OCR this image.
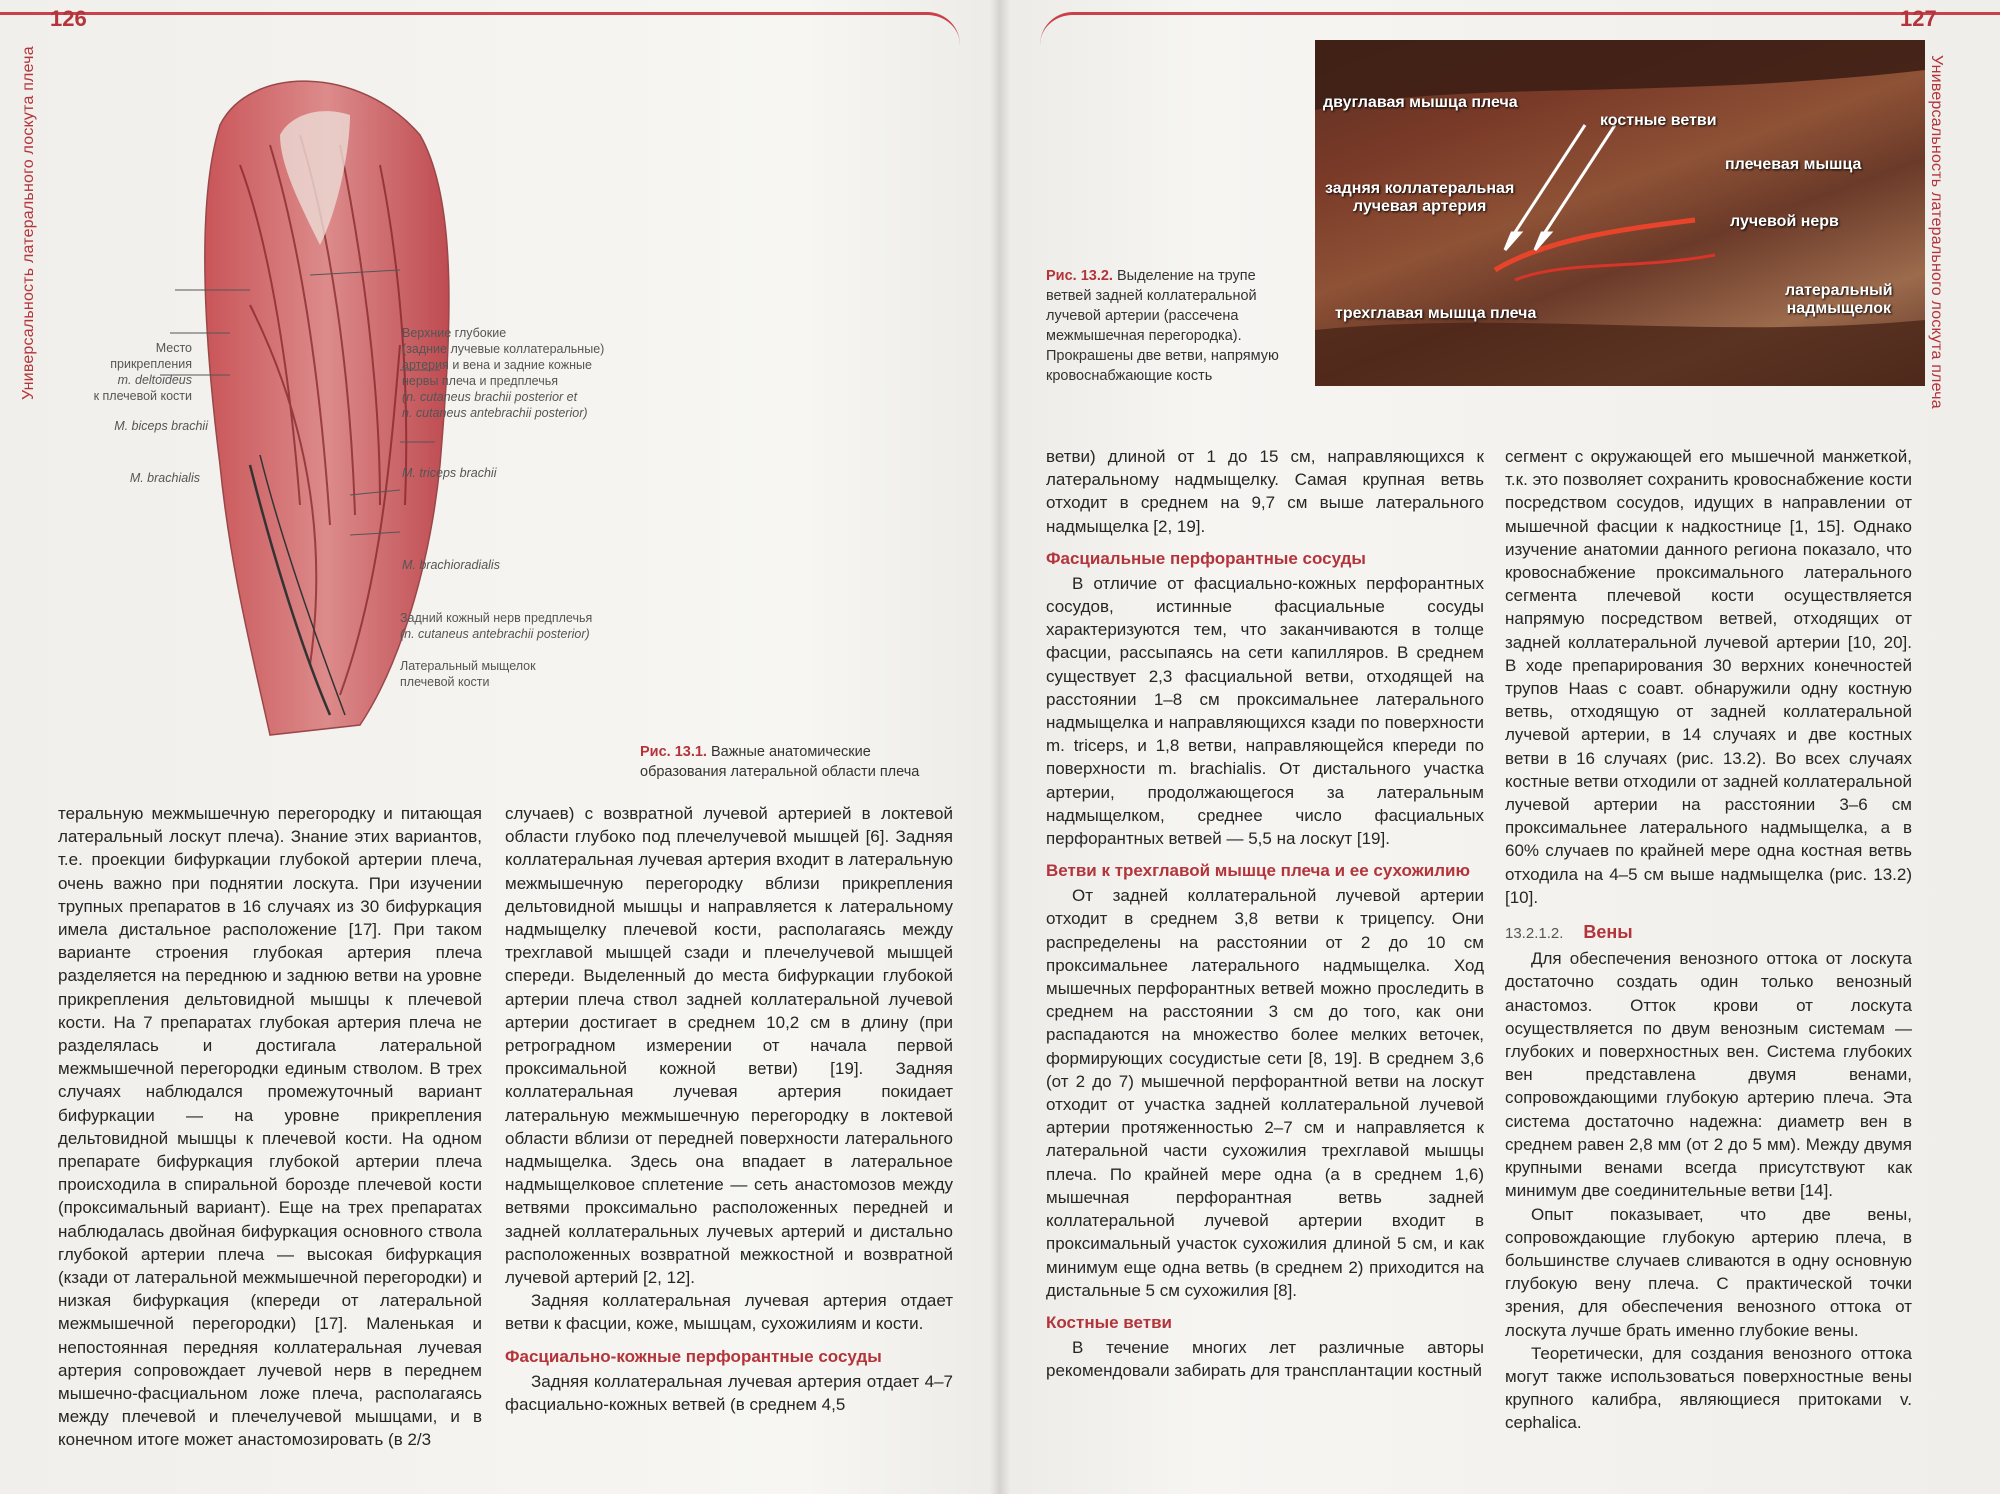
126
Универсальность латерального лоскута плеча	Место прикрепления
m. deltoideus
к плечевой кости
M. biceps brachii
M. brachialis
Верхние глубокие
(задние лучевые коллатеральные)
артерия и вена и задние кожные
нервы плеча и предплечья
(n. cutaneus brachii posterior et
n. cutaneus antebrachii posterior)
M. triceps brachii
M. brachioradialis
Задний кожный нерв предплечья
(n. cutaneus antebrachii posterior)
Латеральный мыщелок
плечевой кости
Рис. 13.1. Важные анатомические образования латеральной области плеча

теральную межмышечную перегородку и питающая латеральный лоскут плеча). Знание этих вариантов, т.е. проекции бифуркации глубокой артерии плеча, очень важно при поднятии лоскута. При изучении трупных препаратов в 16 случаях из 30 бифуркация имела дистальное расположение [17]. При таком варианте строения глубокая артерия плеча разделяется на переднюю и заднюю ветви на уровне прикрепления дельтовидной мышцы к плечевой кости. На 7 препаратах глубокая артерия плеча не разделялась и достигала латеральной межмышечной перегородки единым стволом. В трех случаях наблюдался промежуточный вариант бифуркации — на уровне прикрепления дельтовидной мышцы к плечевой кости. На одном препарате бифуркация глубокой артерии плеча происходила в спиральной борозде плечевой кости (проксимальный вариант). Еще на трех препаратах наблюдалась двойная бифуркация основного ствола глубокой артерии плеча — высокая бифуркация (кзади от латеральной межмышечной перегородки) и низкая бифуркация (кпереди от латеральной межмышечной перегородки) [17]. Маленькая и непостоянная передняя коллатеральная лучевая артерия сопровождает лучевой нерв в переднем мышечно-фасциальном ложе плеча, располагаясь между плечевой и плечелучевой мышцами, и в конечном итоге может анастомозировать (в 2/3

случаев) с возвратной лучевой артерией в локтевой области глубоко под плечелучевой мышцей [6]. Задняя коллатеральная лучевая артерия входит в латеральную межмышечную перегородку вблизи прикрепления дельтовидной мышцы и направляется к латеральному надмыщелку плечевой кости, располагаясь между трехглавой мышцей сзади и плечелучевой мышцей спереди. Выделенный до места бифуркации глубокой артерии плеча ствол задней коллатеральной лучевой артерии достигает в среднем 10,2 см в длину (при ретроградном измерении от начала первой проксимальной кожной ветви) [19]. Задняя коллатеральная лучевая артерия покидает латеральную межмышечную перегородку в локтевой области вблизи от передней поверхности латерального надмыщелка. Здесь она впадает в латеральное надмыщелковое сплетение — сеть анастомозов между ветвями проксимально расположенных передней и задней коллатеральных лучевых артерий и дистально расположенных возвратной межкостной и возвратной лучевой артерий [2, 12].

Задняя коллатеральная лучевая артерия отдает ветви к фасции, коже, мышцам, сухожилиям и кости.

Фасциально-кожные перфорантные сосуды

Задняя коллатеральная лучевая артерия отдает 4–7 фасциально-кожных ветвей (в среднем 4,5

127
Универсальность латерального лоскута плеча
двуглавая мышца плеча
костные ветви
задняя коллатеральная
лучевая артерия
плечевая мышца
лучевой нерв
трехглавая мышца плеча
латеральный
надмыщелок
Рис. 13.2. Выделение на трупе ветвей задней коллатеральной лучевой артерии (рассечена межмышечная перегородка). Прокрашены две ветви, напрямую кровоснабжающие кость

ветви) длиной от 1 до 15 см, направляющихся к латеральному надмыщелку. Самая крупная ветвь отходит в среднем на 9,7 см выше латерального надмыщелка [2, 19].

Фасциальные перфорантные сосуды

В отличие от фасциально-кожных перфорантных сосудов, истинные фасциальные сосуды характеризуются тем, что заканчиваются в толще фасции, рассыпаясь на сети капилляров. В среднем существует 2,3 фасциальной ветви, отходящей на расстоянии 1–8 см проксимальнее латерального надмыщелка и направляющихся кзади по поверхности m. triceps, и 1,8 ветви, направляющейся кпереди по поверхности m. brachialis. От дистального участка артерии, продолжающегося за латеральным надмыщелком, среднее число фасциальных перфорантных ветвей — 5,5 на лоскут [19].

Ветви к трехглавой мышце плеча и ее сухожилию

От задней коллатеральной лучевой артерии отходит в среднем 3,8 ветви к трицепсу. Они распределены на расстоянии от 2 до 10 см проксимальнее латерального надмыщелка. Ход мышечных перфорантных ветвей можно проследить в среднем на расстоянии 3 см до того, как они распадаются на множество более мелких веточек, формирующих сосудистые сети [8, 19]. В среднем 3,6 (от 2 до 7) мышечной перфорантной ветви на лоскут отходит от участка задней коллатеральной лучевой артерии протяженностью 2–7 см и направляется к латеральной части сухожилия трехглавой мышцы плеча. По крайней мере одна (а в среднем 1,6) мышечная перфорантная ветвь задней коллатеральной лучевой артерии входит в проксимальный участок сухожилия длиной 5 см, и как минимум еще одна ветвь (в среднем 2) приходится на дистальные 5 см сухожилия [8].

Костные ветви

В течение многих лет различные авторы рекомендовали забирать для трансплантации костный

сегмент с окружающей его мышечной манжеткой, т.к. это позволяет сохранить кровоснабжение кости посредством сосудов, идущих в направлении от мышечной фасции к надкостнице [1, 15]. Однако изучение анатомии данного региона показало, что кровоснабжение проксимального латерального сегмента плечевой кости осуществляется напрямую посредством ветвей, отходящих от задней коллатеральной лучевой артерии [10, 20]. В ходе препарирования 30 верхних конечностей трупов Haas с соавт. обнаружили одну костную ветвь, отходящую от задней коллатеральной лучевой артерии, в 14 случаях и две костных ветви в 16 случаях (рис. 13.2). Во всех случаях костные ветви отходили от задней коллатеральной лучевой артерии на расстоянии 3–6 см проксимальнее латерального надмыщелка, а в 60% случаев по крайней мере одна костная ветвь отходила на 4–5 см выше надмыщелка (рис. 13.2) [10].

13.2.1.2. Вены

Для обеспечения венозного оттока от лоскута достаточно создать один только венозный анастомоз. Отток крови от лоскута осуществляется по двум венозным системам — глубоких и поверхностных вен. Система глубоких вен представлена двумя венами, сопровождающими глубокую артерию плеча. Эта система достаточно надежна: диаметр вен в среднем равен 2,8 мм (от 2 до 5 мм). Между двумя крупными венами всегда присутствуют как минимум две соединительные ветви [14].

Опыт показывает, что две вены, сопровождающие глубокую артерию плеча, в большинстве случаев сливаются в одну основную глубокую вену плеча. С практической точки зрения, для обеспечения венозного оттока от лоскута лучше брать именно глубокие вены.

Теоретически, для создания венозного оттока могут также использоваться поверхностные вены крупного калибра, являющиеся притоками v. cephalica.
